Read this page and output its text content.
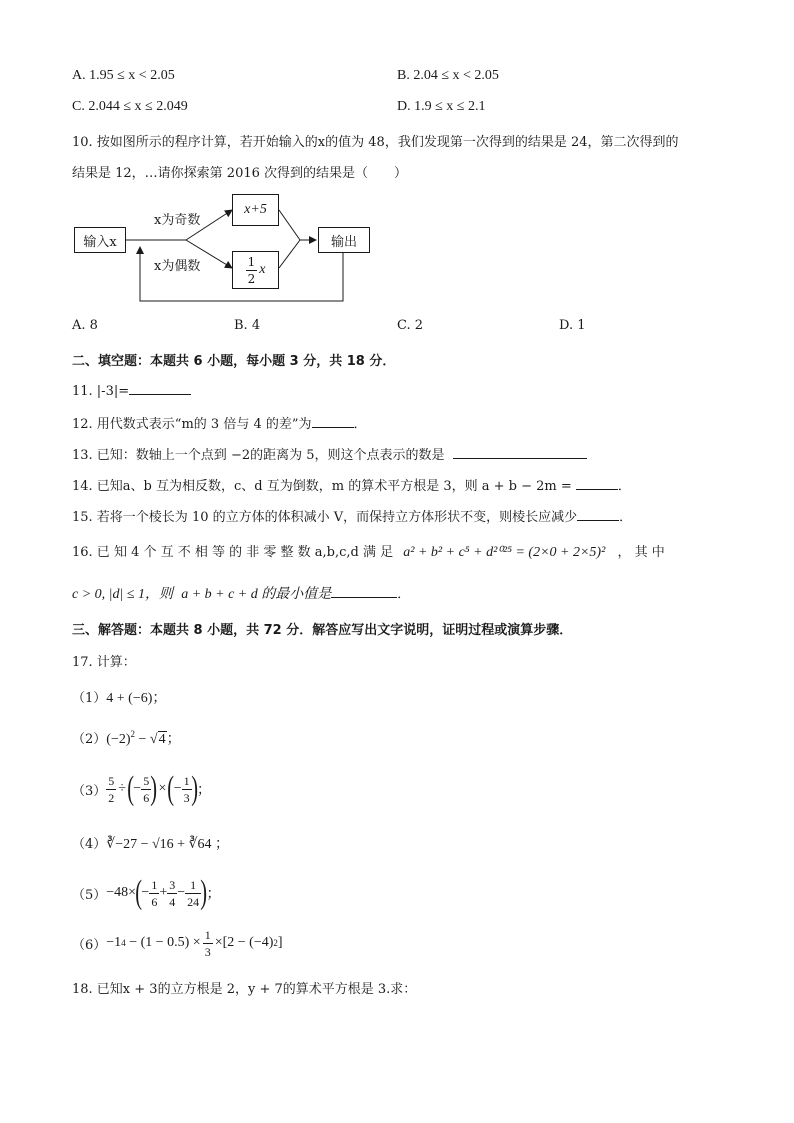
A. 1.95 ≤ x < 2.05	B. 2.04 ≤ x < 2.05
C. 2.044 ≤ x ≤ 2.049	D. 1.9 ≤ x ≤ 2.1
10. 按如图所示的程序计算，若开始输入的x的值为 48，我们发现第一次得到的结果是 24，第二次得到的
结果是 12，…请你探索第 2016 次得到的结果是（　　）
输入x
x为奇数
x为偶数
x+5
$\frac{1}{2}$ x
输出
A. 8	B. 4	C. 2	D. 1
二、填空题：本题共 6 小题，每小题 3 分，共 18 分．
11. |-3|=
12. 用代数式表示“m的 3 倍与 4 的差”为	．
13. 已知：数轴上一个点到 −2的距离为 5，则这个点表示的数是
14. 已知a、b 互为相反数，c、d 互为倒数，m 的算术平方根是 3，则 a + b − 2m =	．
15. 若将一个棱长为 10 的立方体的体积减小 V，而保持立方体形状不变，则棱长应减少	．
16. 已 知 4 个 互 不 相 等 的 非 零 整 数 a,b,c,d 满 足 a² + b² + c⁵ + d²⁰²⁵ = (2×0 + 2×5)² ， 其 中
c > 0, |d| ≤ 1，则 a + b + c + d 的最小值是	．
三、解答题：本题共 8 小题，共 72 分．解答应写出文字说明，证明过程或演算步骤．
17. 计算：
（1）4 + (−6)；
$(2)(-2)^2 - √4$；
$(3) \frac{5}{2}$ ÷ ( − $\frac{5}{6}$ ) × ( − $\frac{1}{3}$ ) ；
（4）∛−27 − √16 + ∛64 ；
（5） −48× ( − $\frac{1}{6} + \frac{3}{4} - \frac{1}{24}$ ) ；
（6） −1 $4 - (1 - 0.5) \times \frac{1}{3} \times[2 - (-4)$ 2 ]
18. 已知x + 3的立方根是 2，y + 7的算术平方根是 3.求：
